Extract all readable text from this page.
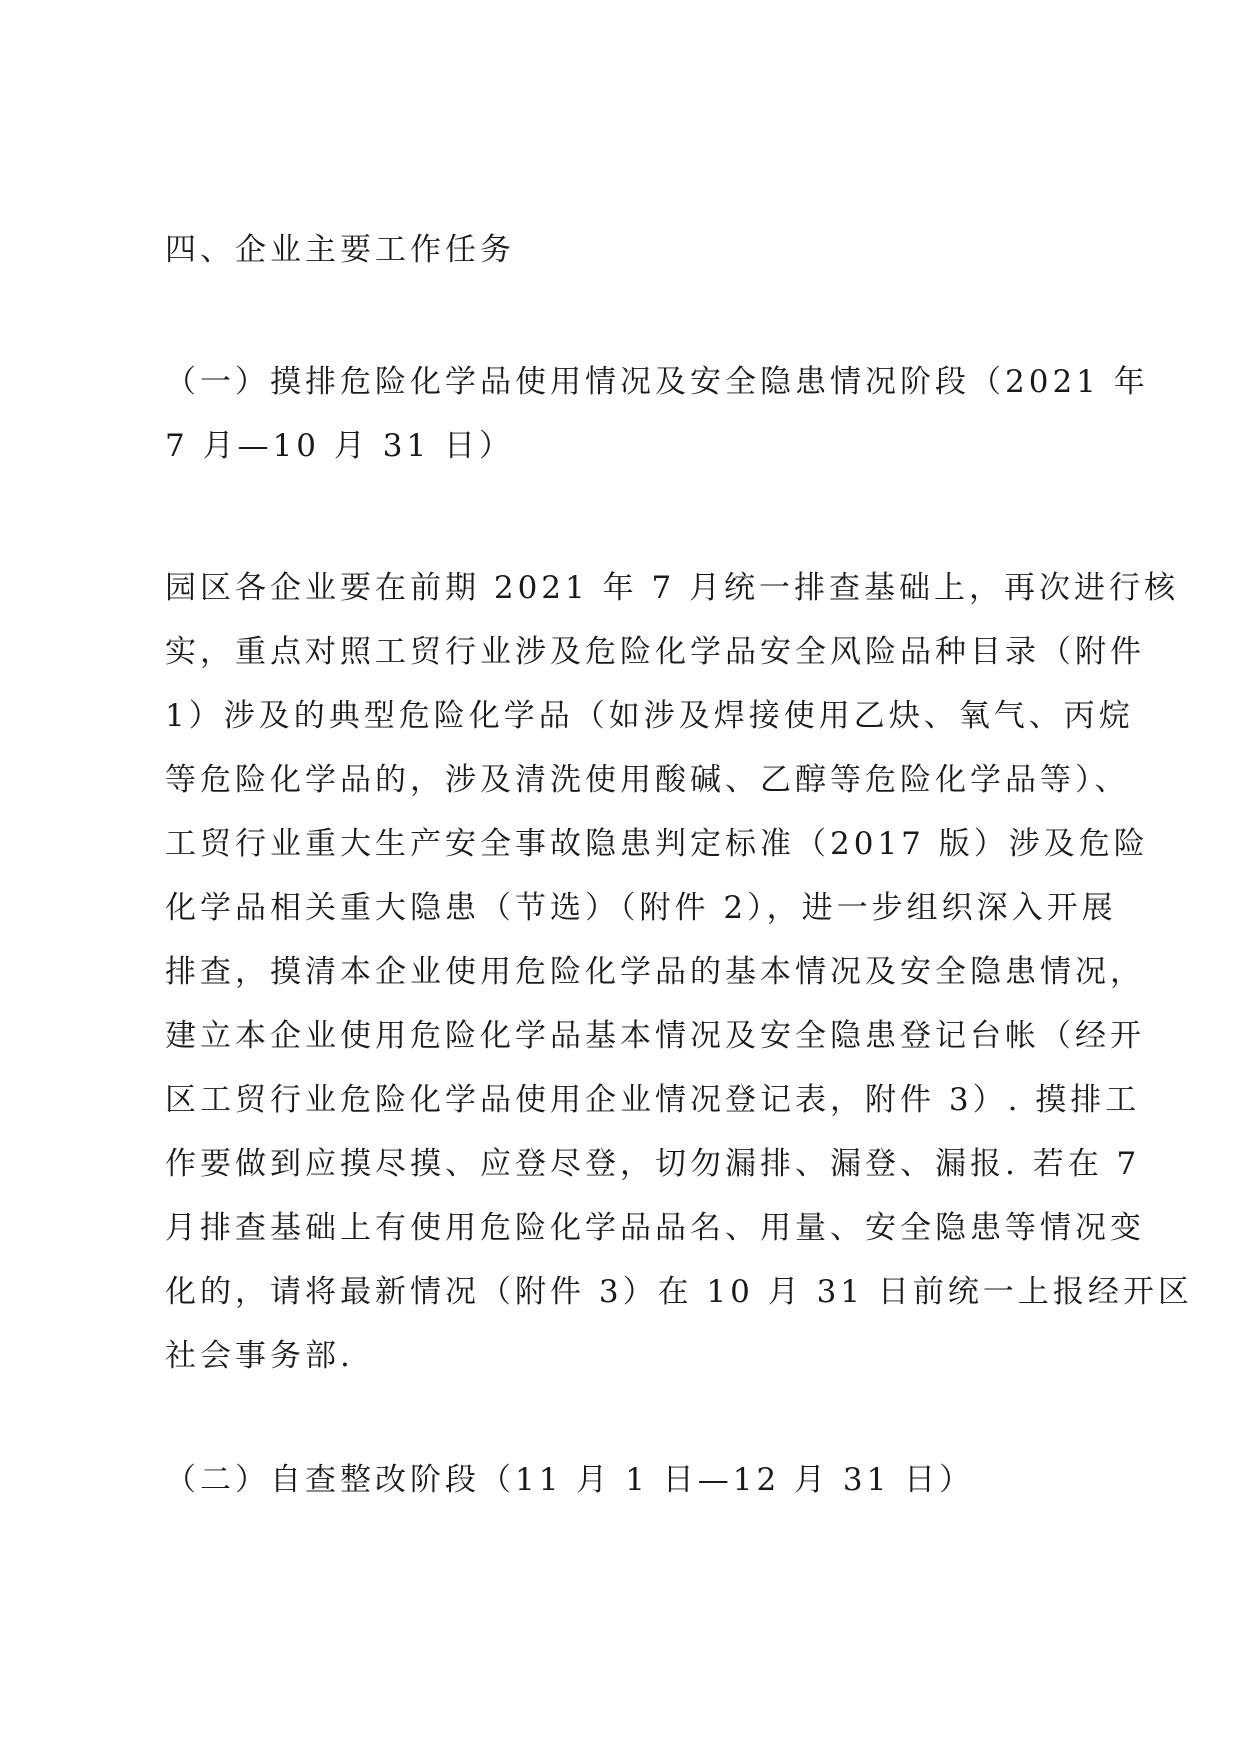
四、企业主要工作任务
（一）摸排危险化学品使用情况及安全隐患情况阶段（2021 年
7 月—10 月 31 日）
园区各企业要在前期 2021 年 7 月统一排查基础上，再次进行核
实，重点对照工贸行业涉及危险化学品安全风险品种目录（附件
1）涉及的典型危险化学品（如涉及焊接使用乙炔、氧气、丙烷
等危险化学品的，涉及清洗使用酸碱、乙醇等危险化学品等）、
工贸行业重大生产安全事故隐患判定标准（2017 版）涉及危险
化学品相关重大隐患（节选）（附件 2），进一步组织深入开展
排查，摸清本企业使用危险化学品的基本情况及安全隐患情况，
建立本企业使用危险化学品基本情况及安全隐患登记台帐（经开
区工贸行业危险化学品使用企业情况登记表，附件 3）. 摸排工
作要做到应摸尽摸、应登尽登，切勿漏排、漏登、漏报. 若在 7
月排查基础上有使用危险化学品品名、用量、安全隐患等情况变
化的，请将最新情况（附件 3）在 10 月 31 日前统一上报经开区
社会事务部.
（二）自查整改阶段（11 月 1 日—12 月 31 日）
